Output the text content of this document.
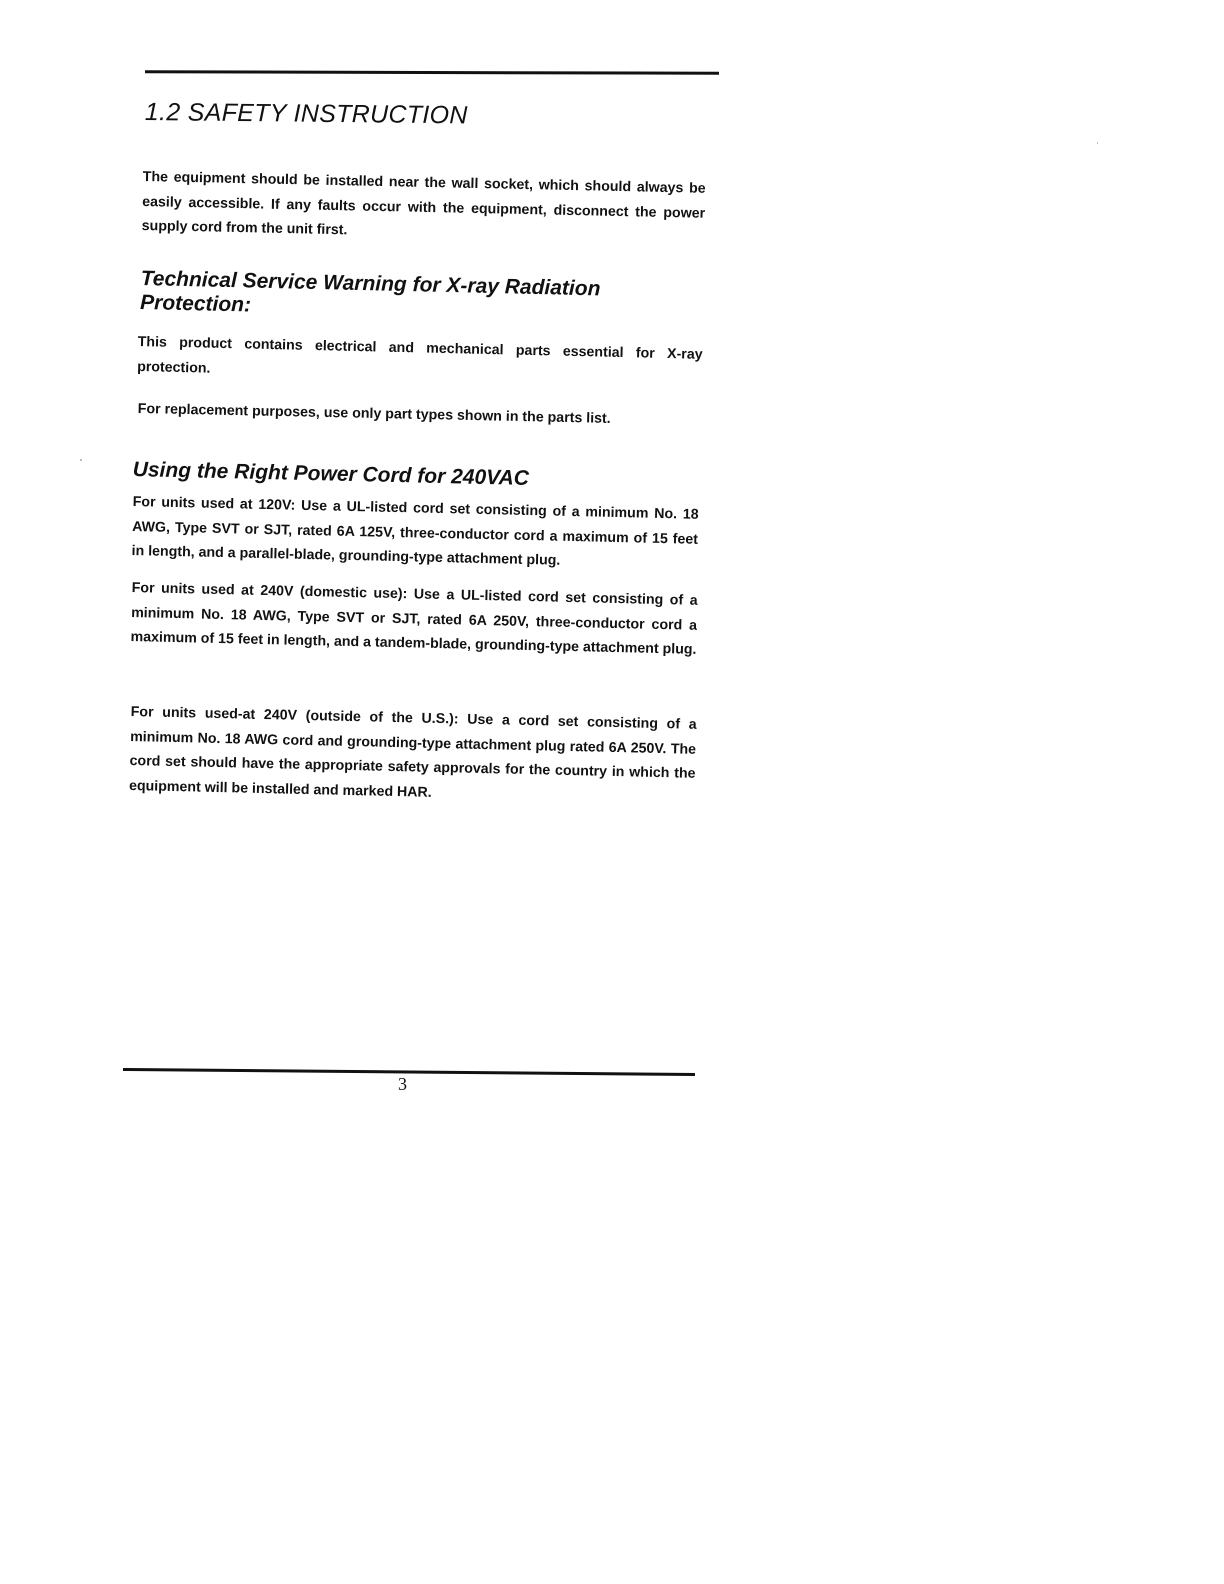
1.2 SAFETY INSTRUCTION

The equipment should be installed near the wall socket, which should always be easily accessible. If any faults occur with the equipment, disconnect the power supply cord from the unit first.

Technical Service Warning for X-ray Radiation Protection:

This product contains electrical and mechanical parts essential for X-ray protection.

For replacement purposes, use only part types shown in the parts list.

Using the Right Power Cord for 240VAC

For units used at 120V: Use a UL-listed cord set consisting of a minimum No. 18 AWG, Type SVT or SJT, rated 6A 125V, three-conductor cord a maximum of 15 feet in length, and a parallel-blade, grounding-type attachment plug.

For units used at 240V (domestic use): Use a UL-listed cord set consisting of a minimum No. 18 AWG, Type SVT or SJT, rated 6A 250V, three-conductor cord a maximum of 15 feet in length, and a tandem-blade, grounding-type attachment plug.

For units used-at 240V (outside of the U.S.): Use a cord set consisting of a minimum No. 18 AWG cord and grounding-type attachment plug rated 6A 250V. The cord set should have the appropriate safety approvals for the country in which the equipment will be installed and marked HAR.

3
